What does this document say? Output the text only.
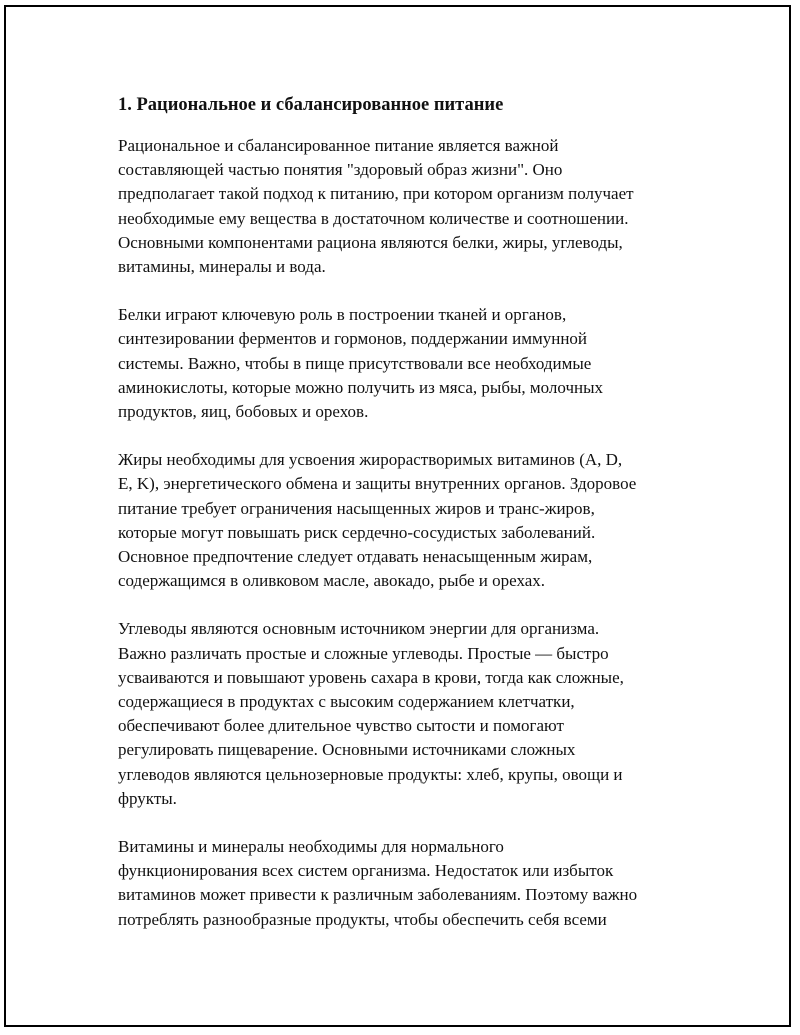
1. Рациональное и сбалансированное питание

Рациональное и сбалансированное питание является важной
составляющей частью понятия "здоровый образ жизни". Оно
предполагает такой подход к питанию, при котором организм получает
необходимые ему вещества в достаточном количестве и соотношении.
Основными компонентами рациона являются белки, жиры, углеводы,
витамины, минералы и вода.

Белки играют ключевую роль в построении тканей и органов,
синтезировании ферментов и гормонов, поддержании иммунной
системы. Важно, чтобы в пище присутствовали все необходимые
аминокислоты, которые можно получить из мяса, рыбы, молочных
продуктов, яиц, бобовых и орехов.

Жиры необходимы для усвоения жирорастворимых витаминов (A, D,
E, K), энергетического обмена и защиты внутренних органов. Здоровое
питание требует ограничения насыщенных жиров и транс-жиров,
которые могут повышать риск сердечно-сосудистых заболеваний.
Основное предпочтение следует отдавать ненасыщенным жирам,
содержащимся в оливковом масле, авокадо, рыбе и орехах.

Углеводы являются основным источником энергии для организма.
Важно различать простые и сложные углеводы. Простые — быстро
усваиваются и повышают уровень сахара в крови, тогда как сложные,
содержащиеся в продуктах с высоким содержанием клетчатки,
обеспечивают более длительное чувство сытости и помогают
регулировать пищеварение. Основными источниками сложных
углеводов являются цельнозерновые продукты: хлеб, крупы, овощи и
фрукты.

Витамины и минералы необходимы для нормального
функционирования всех систем организма. Недостаток или избыток
витаминов может привести к различным заболеваниям. Поэтому важно
потреблять разнообразные продукты, чтобы обеспечить себя всеми
